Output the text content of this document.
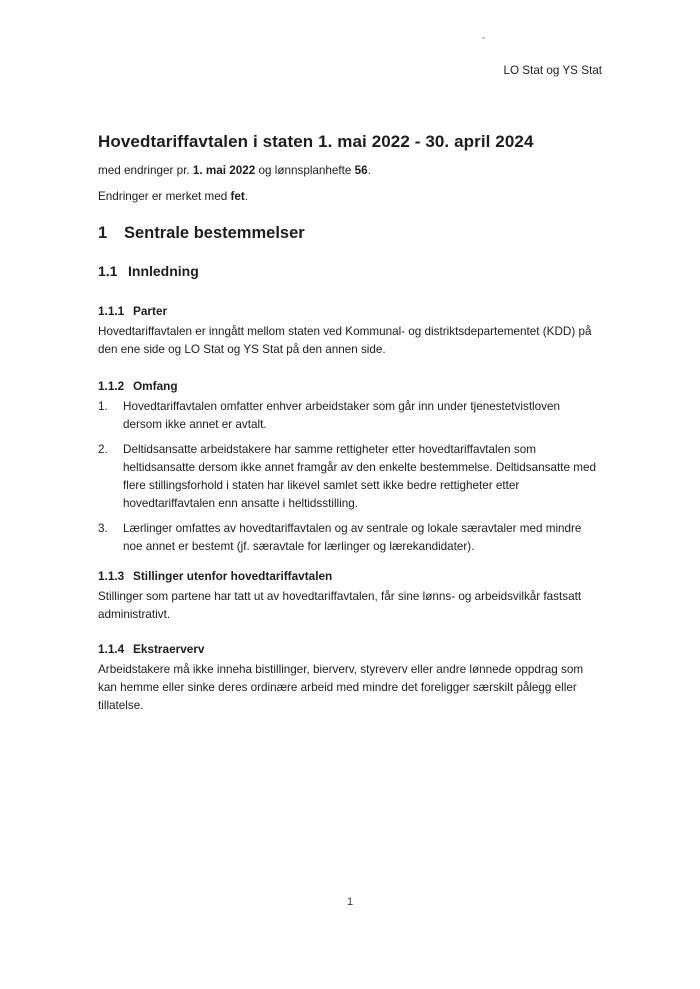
LO Stat og YS Stat
Hovedtariffavtalen i staten 1. mai 2022 - 30. april 2024

med endringer pr. 1. mai 2022 og lønnsplanhefte 56.

Endringer er merket med fet.

1 Sentrale bestemmelser
1.1 Innledning
1.1.1 Parter

Hovedtariffavtalen er inngått mellom staten ved Kommunal- og distriktsdepartementet (KDD) på den ene side og LO Stat og YS Stat på den annen side.

1.1.2 Omfang
1.	Hovedtariffavtalen omfatter enhver arbeidstaker som går inn under tjenestetvistloven dersom ikke annet er avtalt.
2.	Deltidsansatte arbeidstakere har samme rettigheter etter hovedtariffavtalen som heltidsansatte dersom ikke annet framgår av den enkelte bestemmelse. Deltidsansatte med flere stillingsforhold i staten har likevel samlet sett ikke bedre rettigheter etter hovedtariffavtalen enn ansatte i heltidsstilling.
3.	Lærlinger omfattes av hovedtariffavtalen og av sentrale og lokale særavtaler med mindre noe annet er bestemt (jf. særavtale for lærlinger og lærekandidater).
1.1.3 Stillinger utenfor hovedtariffavtalen

Stillinger som partene har tatt ut av hovedtariffavtalen, får sine lønns- og arbeidsvilkår fastsatt administrativt.

1.1.4 Ekstraerverv

Arbeidstakere må ikke inneha bistillinger, bierverv, styreverv eller andre lønnede oppdrag som kan hemme eller sinke deres ordinære arbeid med mindre det foreligger særskilt pålegg eller tillatelse.

1
